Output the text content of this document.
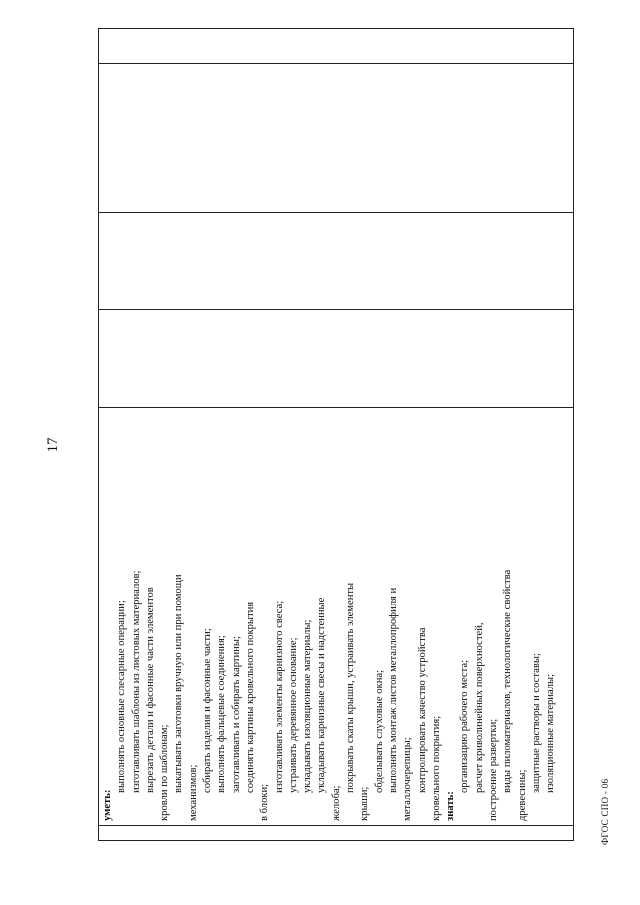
17

уметь:
выполнять основные слесарные операции; изготавливать шаблоны из листовых материалов; вырезать детали и фасонные части элементов кровли по шаблонам; выкатывать заготовки вручную или при помощи механизмов; собирать изделия и фасонные части; выполнять фальцевые соединения; заготавливать и собирать картины; соединять картины кровельного покрытия
в блоки;
изготавливать элементы карнизного свеса; устраивать деревянное основание; укладывать изоляционные материалы; укладывать карнизные свесы и надстенные
желоба;
покрывать скаты крыши, устраивать элементы
крыши;
обделывать слуховые окна; выполнять монтаж листов металлопрофиля и металлочерепицы; контролировать качество устройства кровельного покрытия; знать:
организацию рабочего места; расчет криволинейных поверхностей, построение развертки; виды пиломатериалов, технологические свойства
древесины;
защитные растворы и составы; изоляционные материалы;

ФГОС СПО - 06
